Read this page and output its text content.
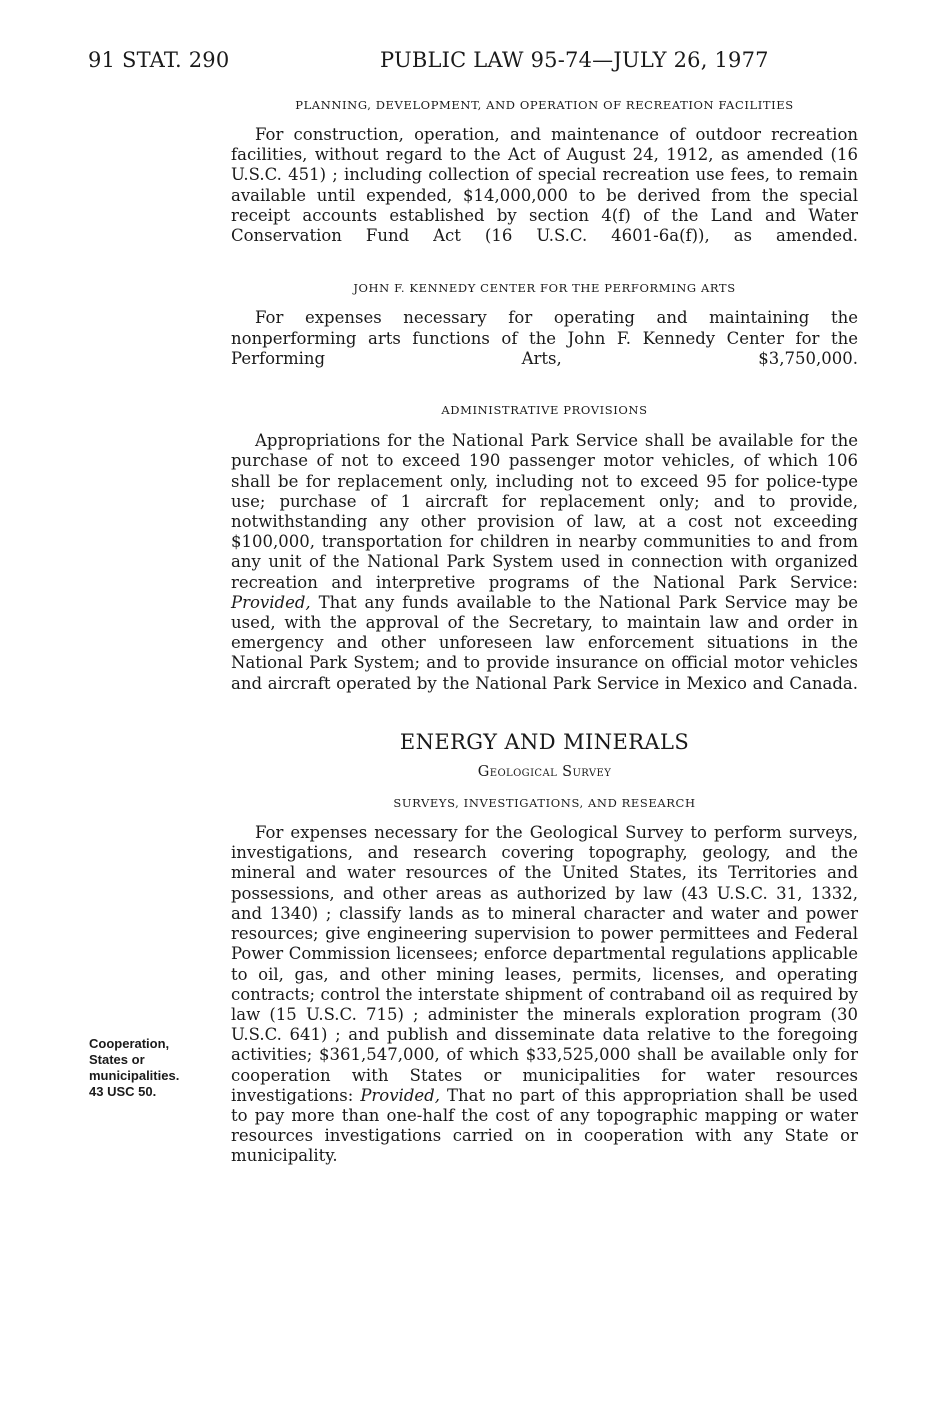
91 STAT. 290	PUBLIC LAW 95-74—JULY 26, 1977
PLANNING, DEVELOPMENT, AND OPERATION OF RECREATION FACILITIES

For construction, operation, and maintenance of outdoor recreation facilities, without regard to the Act of August 24, 1912, as amended (16 U.S.C. 451) ; including collection of special recreation use fees, to remain available until expended, $14,000,000 to be derived from the special receipt accounts established by section 4(f) of the Land and Water Conservation Fund Act (16 U.S.C. 4601-6a(f)), as amended.

JOHN F. KENNEDY CENTER FOR THE PERFORMING ARTS

For expenses necessary for operating and maintaining the nonperforming arts functions of the John F. Kennedy Center for the Performing Arts, $3,750,000.

ADMINISTRATIVE PROVISIONS

Appropriations for the National Park Service shall be available for the purchase of not to exceed 190 passenger motor vehicles, of which 106 shall be for replacement only, including not to exceed 95 for police-type use; purchase of 1 aircraft for replacement only; and to provide, notwithstanding any other provision of law, at a cost not exceeding $100,000, transportation for children in nearby communities to and from any unit of the National Park System used in connection with organized recreation and interpretive programs of the National Park Service: Provided, That any funds available to the National Park Service may be used, with the approval of the Secretary, to maintain law and order in emergency and other unforeseen law enforcement situations in the National Park System; and to provide insurance on official motor vehicles and aircraft operated by the National Park Service in Mexico and Canada.

ENERGY AND MINERALS
Geological Survey
SURVEYS, INVESTIGATIONS, AND RESEARCH

For expenses necessary for the Geological Survey to perform surveys, investigations, and research covering topography, geology, and the mineral and water resources of the United States, its Territories and possessions, and other areas as authorized by law (43 U.S.C. 31, 1332, and 1340) ; classify lands as to mineral character and water and power resources; give engineering supervision to power permittees and Federal Power Commission licensees; enforce departmental regulations applicable to oil, gas, and other mining leases, permits, licenses, and operating contracts; control the interstate shipment of contraband oil as required by law (15 U.S.C. 715) ; administer the minerals exploration program (30 U.S.C. 641) ; and publish and disseminate data relative to the foregoing activities; $361,547,000, of which $33,525,000 shall be available only for cooperation with States or municipalities for water resources investigations: Provided, That no part of this appropriation shall be used to pay more than one-half the cost of any topographic mapping or water resources investigations carried on in cooperation with any State or municipality.

Cooperation,
States or
municipalities.
43 USC 50.
